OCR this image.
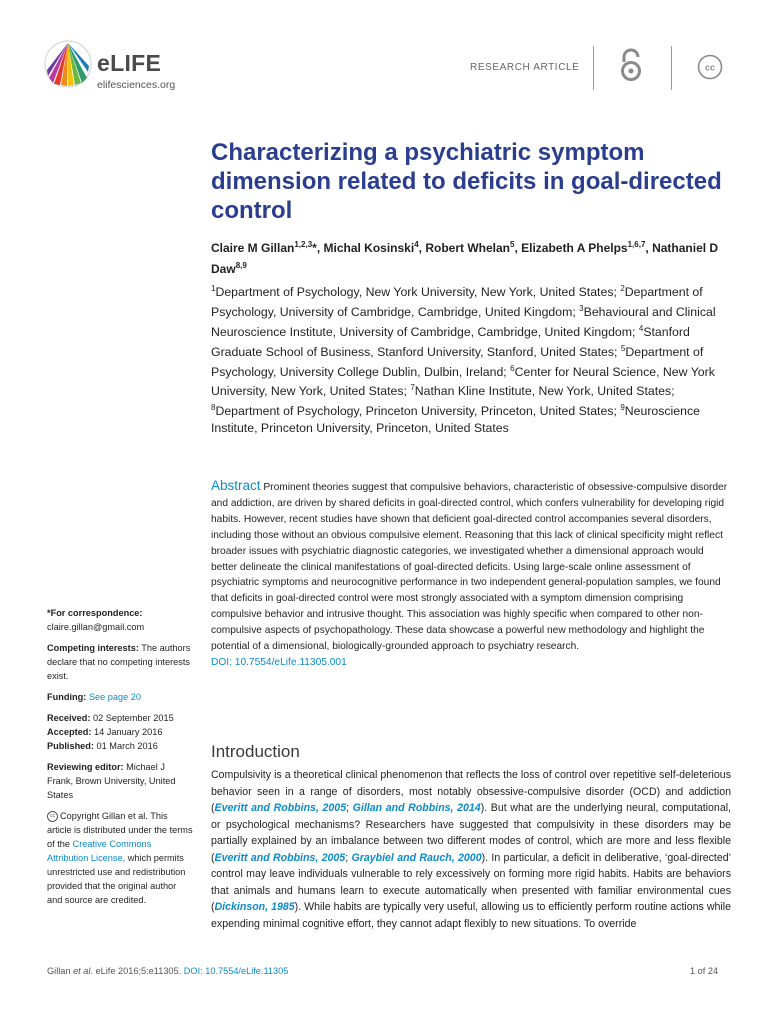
eLIFE
elifesciences.org
RESEARCH ARTICLE	cc
Characterizing a psychiatric symptom dimension related to deficits in goal-directed control
Claire M Gillan$^{1,2,3}$*, Michal Kosinski$^4$, Robert Whelan$^5$, Elizabeth A Phelps$^{1,6,7}$, Nathaniel D Daw$^{8,9}$
$^1$Department of Psychology, New York University, New York, United States; $^2$Department of Psychology, University of Cambridge, Cambridge, United Kingdom; $^3$Behavioural and Clinical Neuroscience Institute, University of Cambridge, Cambridge, United Kingdom; $^4$Stanford Graduate School of Business, Stanford University, Stanford, United States; $^5$Department of Psychology, University College Dublin, Dulbin, Ireland; $^6$Center for Neural Science, New York University, New York, United States; $^7$Nathan Kline Institute, New York, United States; $^8$Department of Psychology, Princeton University, Princeton, United States; $^9$Neuroscience Institute, Princeton University, Princeton, United States
Abstract Prominent theories suggest that compulsive behaviors, characteristic of obsessive-compulsive disorder and addiction, are driven by shared deficits in goal-directed control, which confers vulnerability for developing rigid habits. However, recent studies have shown that deficient goal-directed control accompanies several disorders, including those without an obvious compulsive element. Reasoning that this lack of clinical specificity might reflect broader issues with psychiatric diagnostic categories, we investigated whether a dimensional approach would better delineate the clinical manifestations of goal-directed deficits. Using large-scale online assessment of psychiatric symptoms and neurocognitive performance in two independent general-population samples, we found that deficits in goal-directed control were most strongly associated with a symptom dimension comprising compulsive behavior and intrusive thought. This association was highly specific when compared to other non-compulsive aspects of psychopathology. These data showcase a powerful new methodology and highlight the potential of a dimensional, biologically-grounded approach to psychiatry research.
DOI: 10.7554/eLife.11305.001
*For correspondence: claire.gillan@gmail.com
Competing interests: The authors declare that no competing interests exist.
Funding: See page 20
Received: 02 September 2015
Accepted: 14 January 2016
Published: 01 March 2016
Reviewing editor: Michael J Frank, Brown University, United States
cc Copyright Gillan et al. This article is distributed under the terms of the Creative Commons Attribution License, which permits unrestricted use and redistribution provided that the original author and source are credited.
Introduction
Compulsivity is a theoretical clinical phenomenon that reflects the loss of control over repetitive self-deleterious behavior seen in a range of disorders, most notably obsessive-compulsive disorder (OCD) and addiction (Everitt and Robbins, 2005; Gillan and Robbins, 2014). But what are the underlying neural, computational, or psychological mechanisms? Researchers have suggested that compulsivity in these disorders may be partially explained by an imbalance between two different modes of control, which are more and less flexible (Everitt and Robbins, 2005; Graybiel and Rauch, 2000). In particular, a deficit in deliberative, ‘goal-directed’ control may leave individuals vulnerable to rely excessively on forming more rigid habits. Habits are behaviors that animals and humans learn to execute automatically when presented with familiar environmental cues (Dickinson, 1985). While habits are typically very useful, allowing us to efficiently perform routine actions while expending minimal cognitive effort, they cannot adapt flexibly to new situations. To override
Gillan et al. eLife 2016;5:e11305. DOI: 10.7554/eLife.11305	1 of 24
